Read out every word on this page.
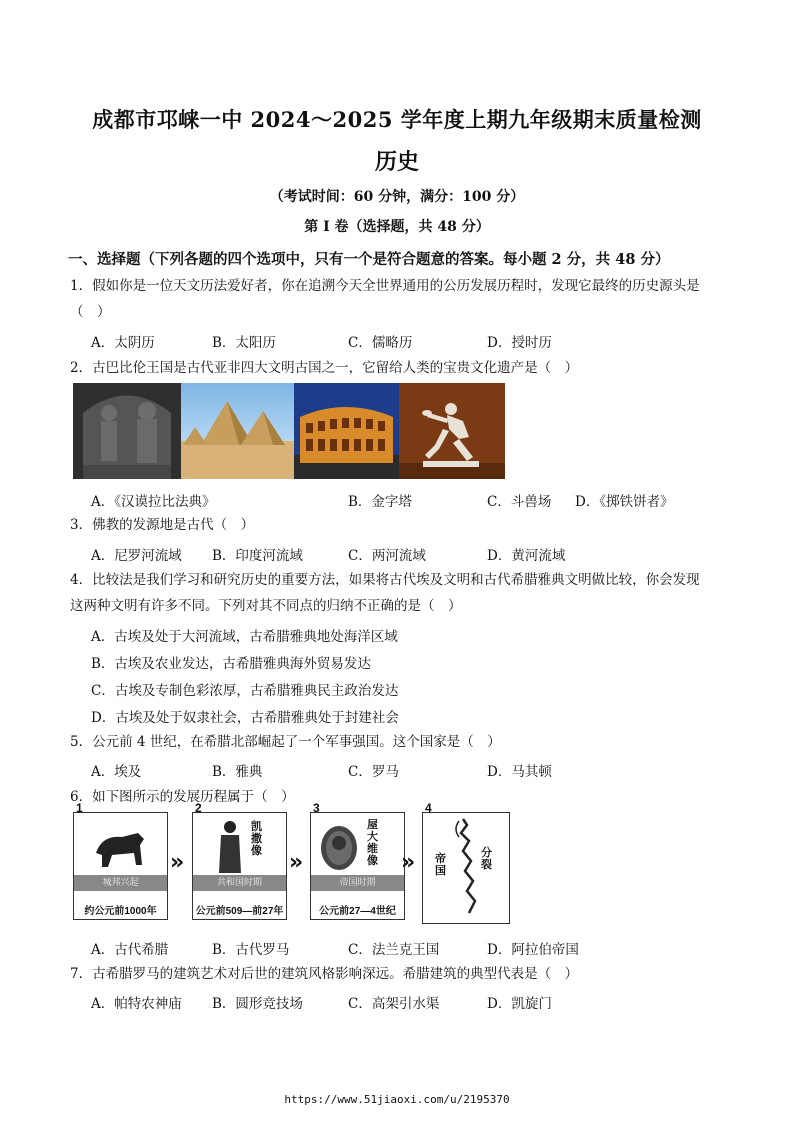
成都市邛崃一中 2024～2025 学年度上期九年级期末质量检测
历史
（考试时间：60 分钟，满分：100 分）
第 I 卷（选择题，共 48 分）
一、选择题（下列各题的四个选项中，只有一个是符合题意的答案。每小题 2 分，共 48 分）
1．假如你是一位天文历法爱好者，你在追溯今天全世界通用的公历发展历程时，发现它最终的历史源头是
（　）
A．太阴历	B．太阳历	C．儒略历	D．授时历
2．古巴比伦王国是古代亚非四大文明古国之一，它留给人类的宝贵文化遗产是（　）
A．《汉谟拉比法典》	B．金字塔	C．斗兽场 D．《掷铁饼者》
3．佛教的发源地是古代（　）
A．尼罗河流域 B．印度河流域	C．两河流域	D．黄河流域
4．比较法是我们学习和研究历史的重要方法，如果将古代埃及文明和古代希腊雅典文明做比较，你会发现
这两种文明有许多不同。下列对其不同点的归纳不正确的是（　）
A．古埃及处于大河流域，古希腊雅典地处海洋区域
B．古埃及农业发达，古希腊雅典海外贸易发达
C．古埃及专制色彩浓厚，古希腊雅典民主政治发达
D．古埃及处于奴隶社会，古希腊雅典处于封建社会
5．公元前 4 世纪，在希腊北部崛起了一个军事强国。这个国家是（　）
A．埃及	B．雅典	C．罗马	D．马其顿
6．如下图所示的发展历程属于（　）
1
城邦兴起
约公元前1000年
»
2
凯撒像
共和国时期
公元前509—前27年
»
3
屋大维像
帝国时期
公元前27—4世纪
»
4
帝国
分裂
A．古代希腊	B．古代罗马	C．法兰克王国	D．阿拉伯帝国
7．古希腊罗马的建筑艺术对后世的建筑风格影响深远。希腊建筑的典型代表是（　）
A．帕特农神庙 B．圆形竞技场	C．高架引水渠	D．凯旋门
https://www.51jiaoxi.com/u/2195370
